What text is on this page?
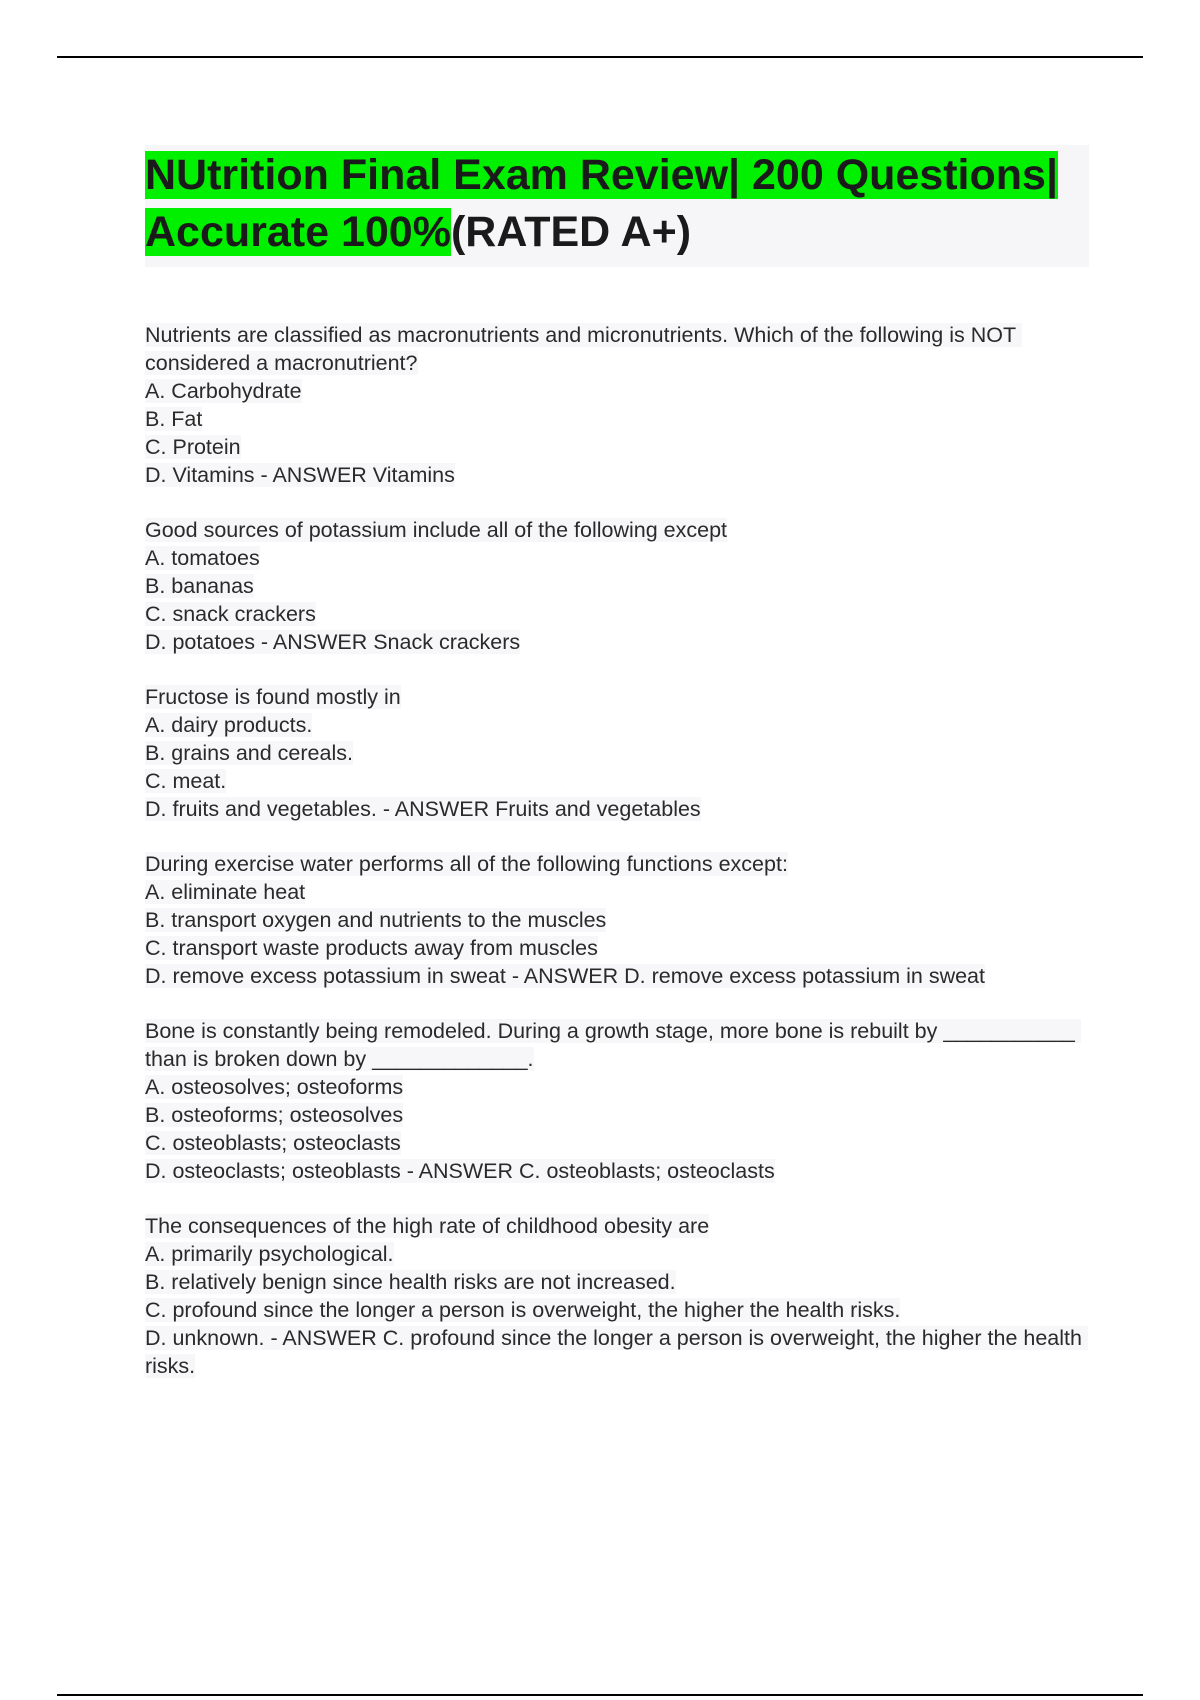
NUtrition Final Exam Review| 200 Questions| Accurate 100%(RATED A+)
Nutrients are classified as macronutrients and micronutrients. Which of the following is NOT considered a macronutrient?
A. Carbohydrate
B. Fat
C. Protein
D. Vitamins - ANSWER Vitamins
Good sources of potassium include all of the following except
A. tomatoes
B. bananas
C. snack crackers
D. potatoes - ANSWER Snack crackers
Fructose is found mostly in
A. dairy products.
B. grains and cereals.
C. meat.
D. fruits and vegetables. - ANSWER Fruits and vegetables
During exercise water performs all of the following functions except:
A. eliminate heat
B. transport oxygen and nutrients to the muscles
C. transport waste products away from muscles
D. remove excess potassium in sweat - ANSWER D. remove excess potassium in sweat
Bone is constantly being remodeled. During a growth stage, more bone is rebuilt by ___________ than is broken down by _____________.
A. osteosolves; osteoforms
B. osteoforms; osteosolves
C. osteoblasts; osteoclasts
D. osteoclasts; osteoblasts - ANSWER C. osteoblasts; osteoclasts
The consequences of the high rate of childhood obesity are
A. primarily psychological.
B. relatively benign since health risks are not increased.
C. profound since the longer a person is overweight, the higher the health risks.
D. unknown. - ANSWER C. profound since the longer a person is overweight, the higher the health risks.
